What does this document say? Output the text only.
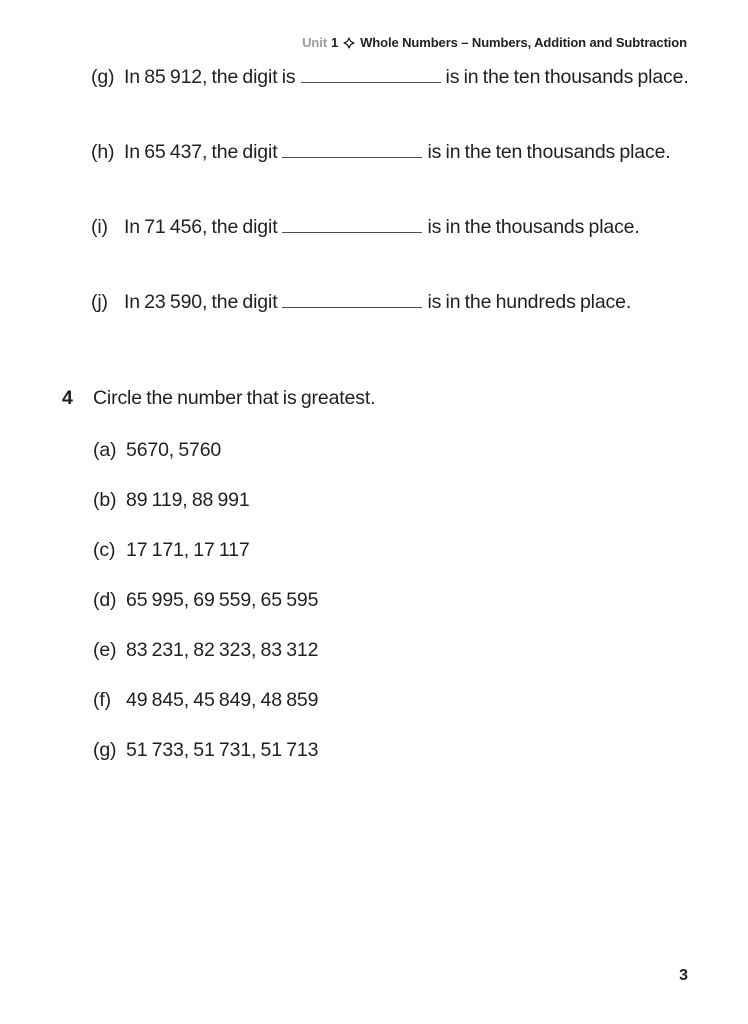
Unit 1 Whole Numbers – Numbers, Addition and Subtraction
(g) In 85 912, the digit is	is in the ten thousands place.
(h) In 65 437, the digit	is in the ten thousands place.
(i) In 71 456, the digit	is in the thousands place.
(j) In 23 590, the digit	is in the hundreds place.
4	Circle the number that is greatest.
(a) 5670, 5760
(b) 89 119, 88 991
(c) 17 171, 17 117
(d) 65 995, 69 559, 65 595
(e) 83 231, 82 323, 83 312
(f) 49 845, 45 849, 48 859
(g) 51 733, 51 731, 51 713
3
